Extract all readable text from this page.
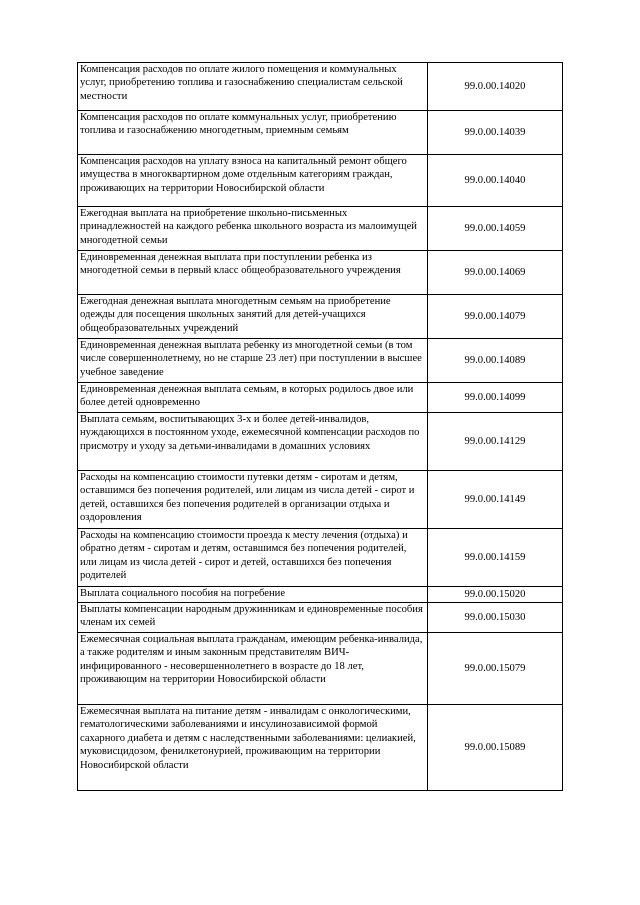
Компенсация расходов по оплате жилого помещения и коммунальных услуг, приобретению топлива и газоснабжению специалистам сельской местности	99.0.00.14020

Компенсация расходов по оплате коммунальных услуг, приобретению топлива и газоснабжению многодетным, приемным семьям	99.0.00.14039

Компенсация расходов на уплату взноса на капитальный ремонт общего имущества в многоквартирном доме отдельным категориям граждан, проживающих на территории Новосибирской области	99.0.00.14040

Ежегодная выплата на приобретение школьно-письменных принадлежностей на каждого ребенка школьного возраста из малоимущей многодетной семьи	99.0.00.14059

Единовременная денежная выплата при поступлении ребенка из многодетной семьи в первый класс общеобразовательного учреждения	99.0.00.14069

Ежегодная денежная выплата многодетным семьям на приобретение одежды для посещения школьных занятий для детей-учащихся общеобразовательных учреждений	99.0.00.14079

Единовременная денежная выплата ребенку из многодетной семьи (в том числе совершеннолетнему, но не старше 23 лет) при поступлении в высшее учебное заведение	99.0.00.14089

Единовременная денежная выплата семьям, в которых родилось двое или более детей одновременно	99.0.00.14099

Выплата семьям, воспитывающих 3-х и более детей-инвалидов, нуждающихся в постоянном уходе, ежемесячной компенсации расходов по присмотру и уходу за детьми-инвалидами в домашних условиях	99.0.00.14129

Расходы на компенсацию стоимости путевки детям - сиротам и детям, оставшимся без попечения родителей, или лицам из числа детей - сирот и детей, оставшихся без попечения родителей в организации отдыха и оздоровления	99.0.00.14149

Расходы на компенсацию стоимости проезда к месту лечения (отдыха) и обратно детям - сиротам и детям, оставшимся без попечения родителей, или лицам из числа детей - сирот и детей, оставшихся без попечения родителей	99.0.00.14159

Выплата социального пособия на погребение	99.0.00.15020

Выплаты компенсации народным дружинникам и единовременные пособия членам их семей	99.0.00.15030

Ежемесячная социальная выплата гражданам, имеющим ребенка-инвалида, а также родителям и иным законным представителям ВИЧ-инфицированного - несовершеннолетнего в возрасте до 18 лет, проживающим на территории Новосибирской области	99.0.00.15079

Ежемесячная выплата на питание детям - инвалидам с онкологическими, гематологическими заболеваниями и инсулинозависимой формой сахарного диабета и детям с наследственными заболеваниями: целиакией, муковисцидозом, фенилкетонурией, проживающим на территории Новосибирской области	99.0.00.15089
